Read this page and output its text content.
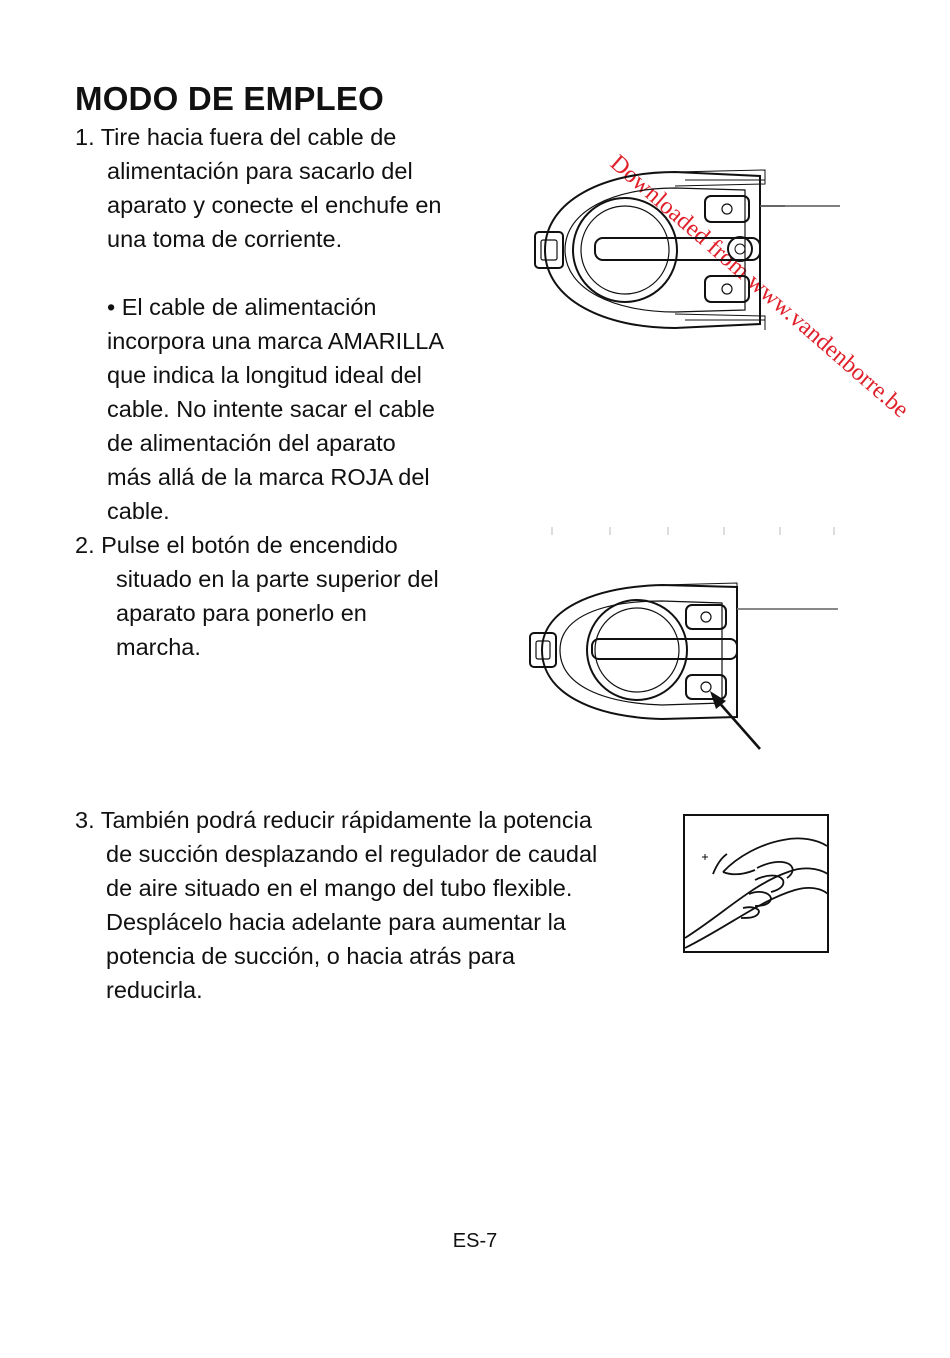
Downloaded from www.vandenborre.be
MODO DE EMPLEO
1. Tire hacia fuera del cable de
alimentación para sacarlo del
aparato y conecte el enchufe en
una toma de corriente.
• El cable de alimentación
incorpora una marca AMARILLA
que indica la longitud ideal del
cable. No intente sacar el cable
de alimentación del aparato
más allá de la marca ROJA del
cable.
2. Pulse el botón de encendido
situado en la parte superior del
aparato para ponerlo en
marcha.
3. También podrá reducir rápidamente la potencia
de succión desplazando el regulador de caudal
de aire situado en el mango del tubo flexible.
Desplácelo hacia adelante para aumentar la
potencia de succión, o hacia atrás para
reducirla.
ES-7
